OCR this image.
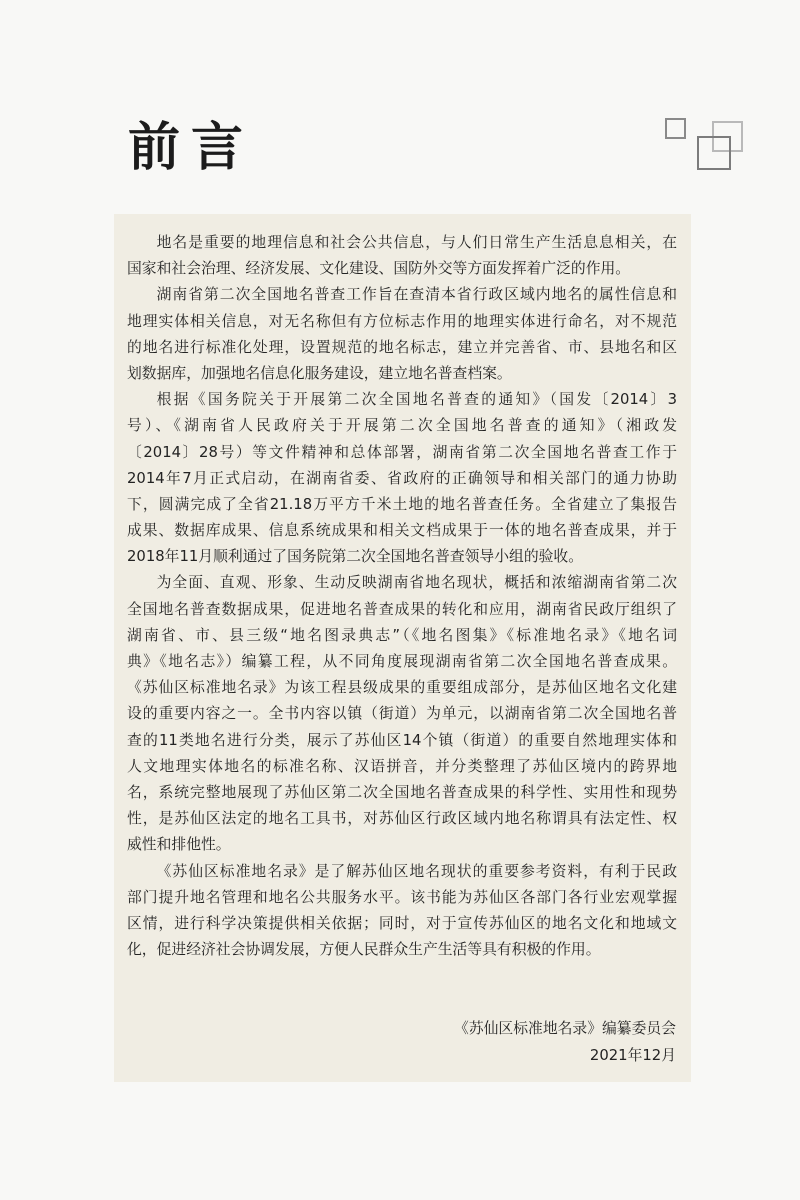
前言
地名是重要的地理信息和社会公共信息，与人们日常生产生活息息相关，在
国家和社会治理、经济发展、文化建设、国防外交等方面发挥着广泛的作用。
湖南省第二次全国地名普查工作旨在查清本省行政区域内地名的属性信息和
地理实体相关信息，对无名称但有方位标志作用的地理实体进行命名，对不规范
的地名进行标准化处理，设置规范的地名标志，建立并完善省、市、县地名和区
划数据库，加强地名信息化服务建设，建立地名普查档案。
根据《国务院关于开展第二次全国地名普查的通知》（国发〔2014〕3
号）、《湖南省人民政府关于开展第二次全国地名普查的通知》（湘政发
〔2014〕28号）等文件精神和总体部署，湖南省第二次全国地名普查工作于
2014年7月正式启动，在湖南省委、省政府的正确领导和相关部门的通力协助
下，圆满完成了全省21.18万平方千米土地的地名普查任务。全省建立了集报告
成果、数据库成果、信息系统成果和相关文档成果于一体的地名普查成果，并于
2018年11月顺利通过了国务院第二次全国地名普查领导小组的验收。
为全面、直观、形象、生动反映湖南省地名现状，概括和浓缩湖南省第二次
全国地名普查数据成果，促进地名普查成果的转化和应用，湖南省民政厅组织了
湖南省、市、县三级“地名图录典志”（《地名图集》《标准地名录》《地名词
典》《地名志》）编纂工程，从不同角度展现湖南省第二次全国地名普查成果。
《苏仙区标准地名录》为该工程县级成果的重要组成部分，是苏仙区地名文化建
设的重要内容之一。全书内容以镇（街道）为单元，以湖南省第二次全国地名普
查的11类地名进行分类，展示了苏仙区14个镇（街道）的重要自然地理实体和
人文地理实体地名的标准名称、汉语拼音，并分类整理了苏仙区境内的跨界地
名，系统完整地展现了苏仙区第二次全国地名普查成果的科学性、实用性和现势
性，是苏仙区法定的地名工具书，对苏仙区行政区域内地名称谓具有法定性、权
威性和排他性。
《苏仙区标准地名录》是了解苏仙区地名现状的重要参考资料，有利于民政
部门提升地名管理和地名公共服务水平。该书能为苏仙区各部门各行业宏观掌握
区情，进行科学决策提供相关依据；同时，对于宣传苏仙区的地名文化和地域文
化，促进经济社会协调发展，方便人民群众生产生活等具有积极的作用。
《苏仙区标准地名录》编纂委员会
2021年12月
